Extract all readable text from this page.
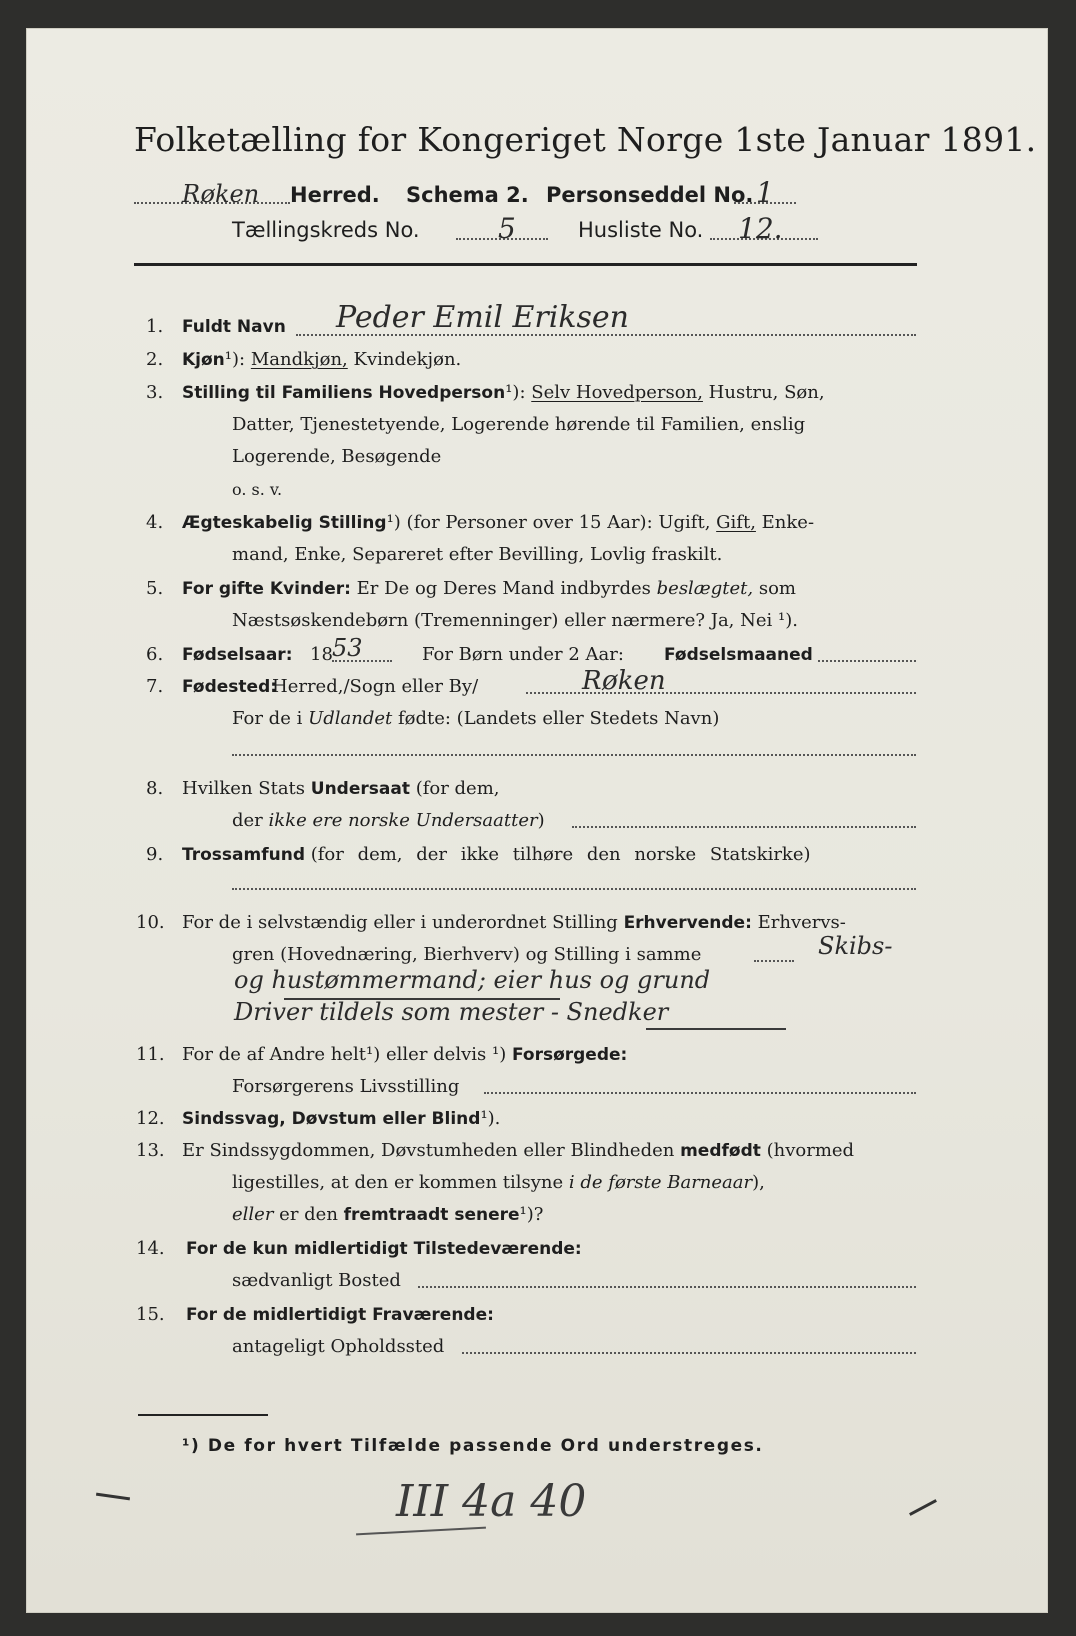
Folketælling for Kongeriget Norge 1ste Januar 1891.
Røken Herred. Schema 2. Personseddel No. 1
Tællingskreds No.	5	Husliste No. 12.
1. Fuldt Navn Peder Emil Eriksen
2. Kjøn¹): Mandkjøn, Kvindekjøn.
3. Stilling til Familiens Hovedperson¹): Selv Hovedperson, Hustru, Søn,
Datter, Tjenestetyende, Logerende hørende til Familien, enslig
Logerende, Besøgende
o. s. v.
4. Ægteskabelig Stilling¹) (for Personer over 15 Aar): Ugift, Gift, Enke-
mand, Enke, Separeret efter Bevilling, Lovlig fraskilt.
5. For gifte Kvinder: Er De og Deres Mand indbyrdes beslægtet, som
Næstsøskendebørn (Tremenninger) eller nærmere? Ja, Nei ¹).
6. Fødselsaar: 18 53	For Børn under 2 Aar: Fødselsmaaned
7. Fødested:
Herred,/Sogn eller By/	Røken
For de i Udlandet fødte: (Landets eller Stedets Navn)
8. Hvilken Stats Undersaat (for dem,
der ikke ere norske Undersaatter)
9. Trossamfund (for dem, der ikke tilhøre den norske Statskirke)
10. For de i selvstændig eller i underordnet Stilling Erhvervende: Erhvervs-
gren (Hovednæring, Bierhverv) og Stilling i samme	Skibs-
og hustømmermand; eier hus og grund
Driver tildels som mester - Snedker
11. For de af Andre helt¹) eller delvis ¹) Forsørgede:
Forsørgerens Livsstilling
12. Sindssvag, Døvstum eller Blind¹).
13. Er Sindssygdommen, Døvstumheden eller Blindheden medfødt (hvormed
ligestilles, at den er kommen tilsyne i de første Barneaar),
eller er den fremtraadt senere¹)?
14. For de kun midlertidigt Tilstedeværende:
sædvanligt Bosted
15. For de midlertidigt Fraværende:
antageligt Opholdssted
¹) De for hvert Tilfælde passende Ord understreges.
III 4a 40
